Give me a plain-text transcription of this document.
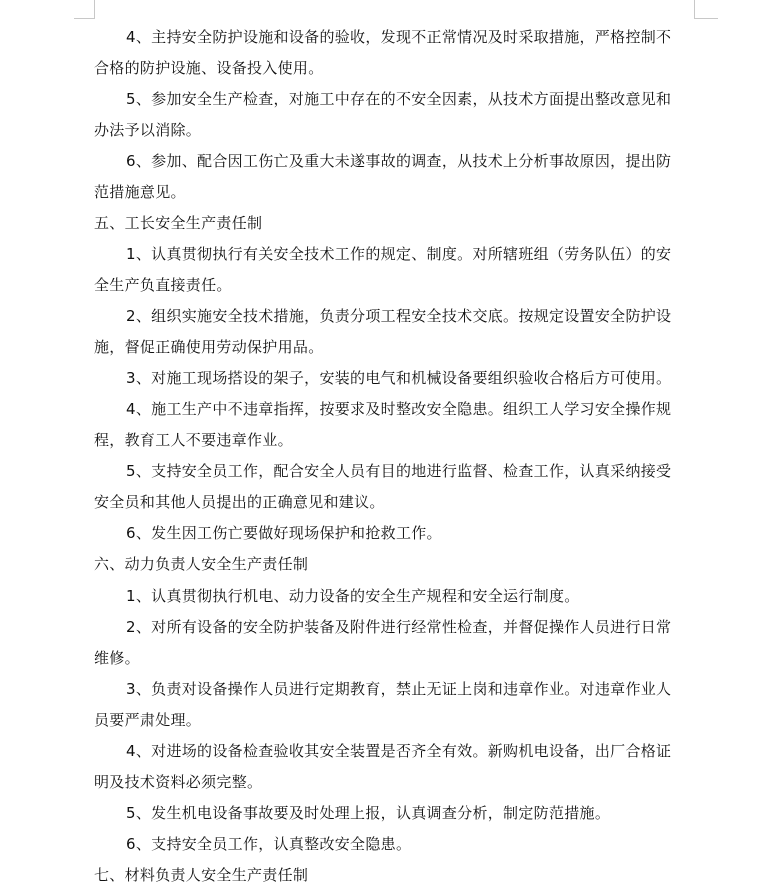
4、主持安全防护设施和设备的验收，发现不正常情况及时采取措施，严格控制不
合格的防护设施、设备投入使用。
5、参加安全生产检查，对施工中存在的不安全因素，从技术方面提出整改意见和
办法予以消除。
6、参加、配合因工伤亡及重大未遂事故的调查，从技术上分析事故原因，提出防
范措施意见。
五、工长安全生产责任制
1、认真贯彻执行有关安全技术工作的规定、制度。对所辖班组（劳务队伍）的安
全生产负直接责任。
2、组织实施安全技术措施，负责分项工程安全技术交底。按规定设置安全防护设
施，督促正确使用劳动保护用品。
3、对施工现场搭设的架子，安装的电气和机械设备要组织验收合格后方可使用。
4、施工生产中不违章指挥，按要求及时整改安全隐患。组织工人学习安全操作规
程，教育工人不要违章作业。
5、支持安全员工作，配合安全人员有目的地进行监督、检查工作，认真采纳接受
安全员和其他人员提出的正确意见和建议。
6、发生因工伤亡要做好现场保护和抢救工作。
六、动力负责人安全生产责任制
1、认真贯彻执行机电、动力设备的安全生产规程和安全运行制度。
2、对所有设备的安全防护装备及附件进行经常性检查，并督促操作人员进行日常
维修。
3、负责对设备操作人员进行定期教育，禁止无证上岗和违章作业。对违章作业人
员要严肃处理。
4、对进场的设备检查验收其安全装置是否齐全有效。新购机电设备，出厂合格证
明及技术资料必须完整。
5、发生机电设备事故要及时处理上报，认真调查分析，制定防范措施。
6、支持安全员工作，认真整改安全隐患。
七、材料负责人安全生产责任制
